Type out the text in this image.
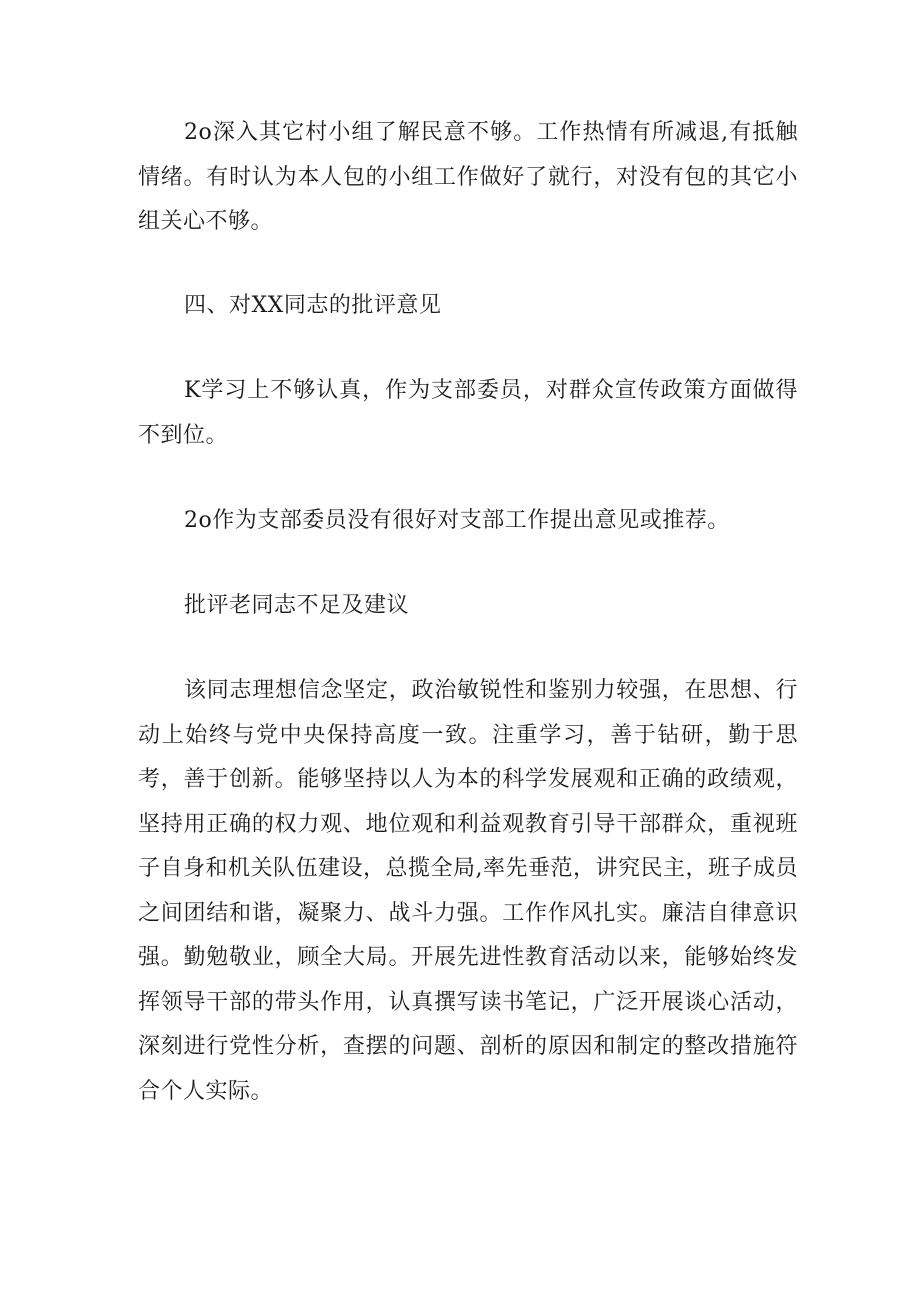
2o深入其它村小组了解民意不够。工作热情有所减退,有抵触情绪。有时认为本人包的小组工作做好了就行，对没有包的其它小组关心不够。

四、对XX同志的批评意见

K学习上不够认真，作为支部委员，对群众宣传政策方面做得不到位。

2o作为支部委员没有很好对支部工作提出意见或推荐。

批评老同志不足及建议

该同志理想信念坚定，政治敏锐性和鉴别力较强，在思想、行动上始终与党中央保持高度一致。注重学习，善于钻研，勤于思考，善于创新。能够坚持以人为本的科学发展观和正确的政绩观，坚持用正确的权力观、地位观和利益观教育引导干部群众，重视班子自身和机关队伍建设，总揽全局,率先垂范，讲究民主，班子成员之间团结和谐，凝聚力、战斗力强。工作作风扎实。廉洁自律意识强。勤勉敬业，顾全大局。开展先进性教育活动以来，能够始终发挥领导干部的带头作用，认真撰写读书笔记，广泛开展谈心活动，深刻进行党性分析，查摆的问题、剖析的原因和制定的整改措施符合个人实际。
